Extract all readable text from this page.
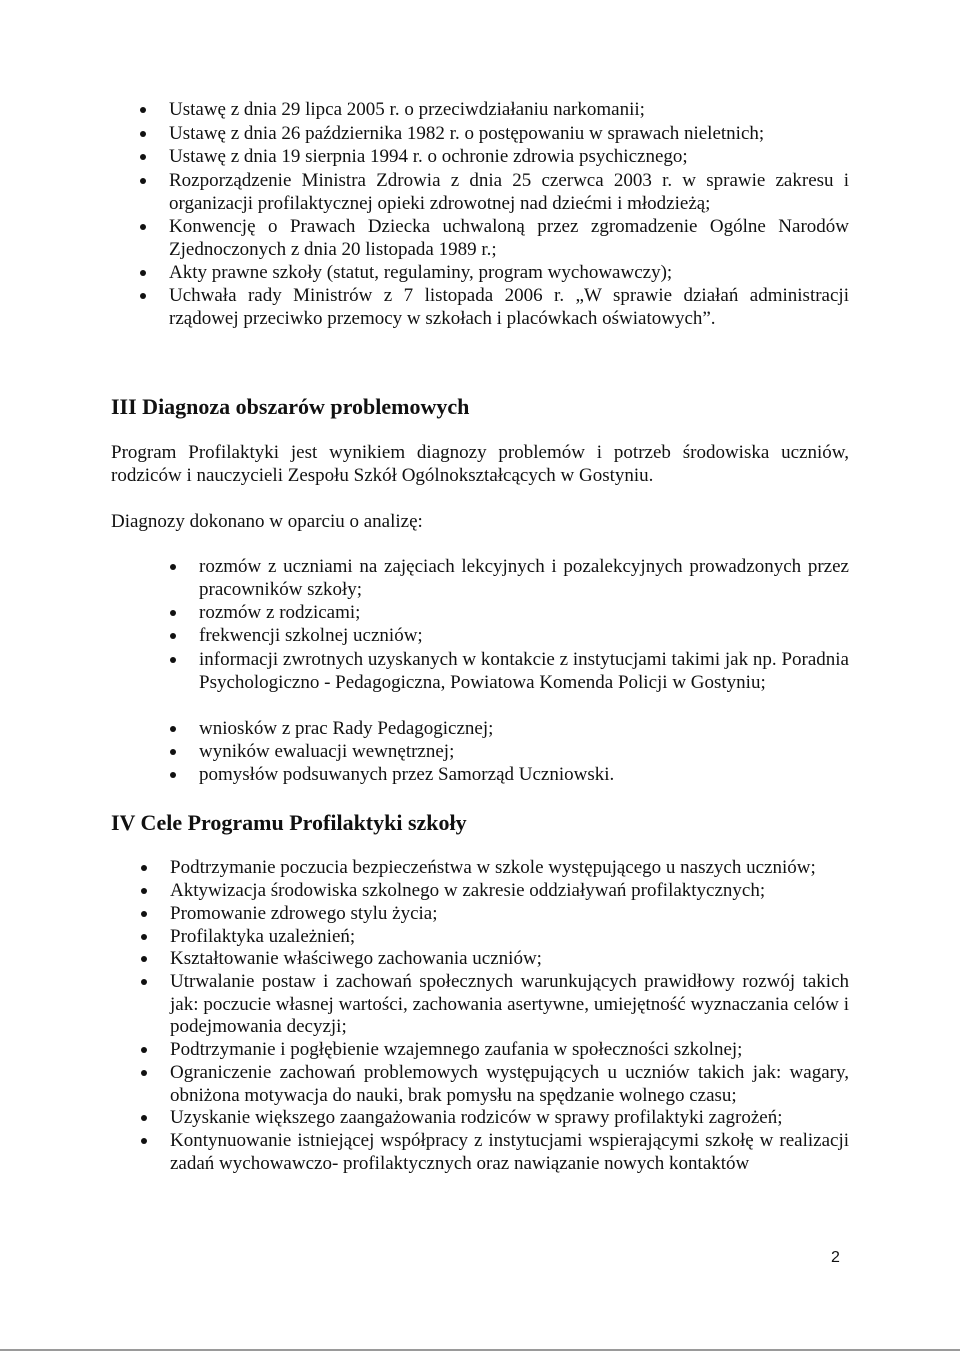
Ustawę z dnia 29 lipca 2005 r. o przeciwdziałaniu narkomanii;
Ustawę z dnia 26 października 1982 r. o postępowaniu w sprawach nieletnich;
Ustawę z dnia 19 sierpnia 1994 r. o ochronie zdrowia psychicznego;
Rozporządzenie Ministra Zdrowia z dnia 25 czerwca 2003 r. w sprawie zakresu i organizacji profilaktycznej opieki zdrowotnej nad dziećmi i młodzieżą;
Konwencję o Prawach Dziecka uchwaloną przez zgromadzenie Ogólne Narodów Zjednoczonych z dnia 20 listopada 1989 r.;
Akty prawne szkoły (statut, regulaminy, program wychowawczy);
Uchwała rady Ministrów z 7 listopada 2006 r. „W sprawie działań administracji rządowej przeciwko przemocy w szkołach i placówkach oświatowych”.
III Diagnoza obszarów problemowych

Program Profilaktyki jest wynikiem diagnozy problemów i potrzeb środowiska uczniów, rodziców i nauczycieli Zespołu Szkół Ogólnokształcących w Gostyniu.

Diagnozy dokonano w oparciu o analizę:

rozmów z uczniami na zajęciach lekcyjnych i pozalekcyjnych prowadzonych przez pracowników szkoły;
rozmów z rodzicami;
frekwencji szkolnej uczniów;
informacji zwrotnych uzyskanych w kontakcie z instytucjami takimi jak np. Poradnia Psychologiczno - Pedagogiczna, Powiatowa Komenda Policji w Gostyniu;
wniosków z prac Rady Pedagogicznej;
wyników ewaluacji wewnętrznej;
pomysłów podsuwanych przez Samorząd Uczniowski.
IV Cele Programu Profilaktyki szkoły
Podtrzymanie poczucia bezpieczeństwa w szkole występującego u naszych uczniów;
Aktywizacja środowiska szkolnego w zakresie oddziaływań profilaktycznych;
Promowanie zdrowego stylu życia;
Profilaktyka uzależnień;
Kształtowanie właściwego zachowania uczniów;
Utrwalanie postaw i zachowań społecznych warunkujących prawidłowy rozwój takich jak: poczucie własnej wartości, zachowania asertywne, umiejętność wyznaczania celów i podejmowania decyzji;
Podtrzymanie i pogłębienie wzajemnego zaufania w społeczności szkolnej;
Ograniczenie zachowań problemowych występujących u uczniów takich jak: wagary, obniżona motywacja do nauki, brak pomysłu na spędzanie wolnego czasu;
Uzyskanie większego zaangażowania rodziców w sprawy profilaktyki zagrożeń;
Kontynuowanie istniejącej współpracy z instytucjami wspierającymi szkołę w realizacji zadań wychowawczo- profilaktycznych oraz nawiązanie nowych kontaktów

2
